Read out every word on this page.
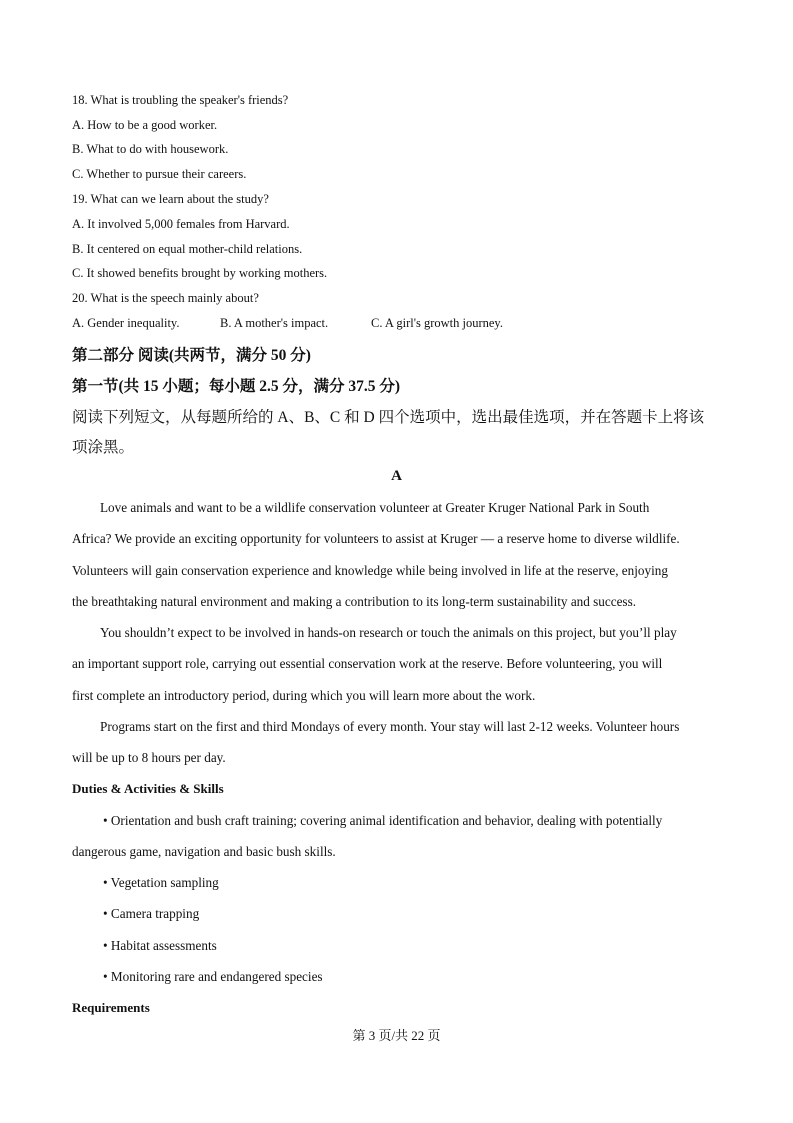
18. What is troubling the speaker's friends?
A. How to be a good worker.
B. What to do with housework.
C. Whether to pursue their careers.
19. What can we learn about the study?
A. It involved 5,000 females from Harvard.
B. It centered on equal mother-child relations.
C. It showed benefits brought by working mothers.
20. What is the speech mainly about?
A. Gender inequality.	B. A mother's impact.	C. A girl's growth journey.
第二部分 阅读(共两节，满分 50 分)
第一节(共 15 小题；每小题 2.5 分，满分 37.5 分)
阅读下列短文，从每题所给的 A、B、C 和 D 四个选项中，选出最佳选项，并在答题卡上将该
项涂黑。
A
Love animals and want to be a wildlife conservation volunteer at Greater Kruger National Park in South
Africa? We provide an exciting opportunity for volunteers to assist at Kruger — a reserve home to diverse wildlife.
Volunteers will gain conservation experience and knowledge while being involved in life at the reserve, enjoying
the breathtaking natural environment and making a contribution to its long-term sustainability and success.
You shouldn’t expect to be involved in hands-on research or touch the animals on this project, but you’ll play
an important support role, carrying out essential conservation work at the reserve. Before volunteering, you will
first complete an introductory period, during which you will learn more about the work.
Programs start on the first and third Mondays of every month. Your stay will last 2-12 weeks. Volunteer hours
will be up to 8 hours per day.
Duties & Activities & Skills
• Orientation and bush craft training; covering animal identification and behavior, dealing with potentially
dangerous game, navigation and basic bush skills.
• Vegetation sampling
• Camera trapping
• Habitat assessments
• Monitoring rare and endangered species
Requirements
第 3 页/共 22 页
